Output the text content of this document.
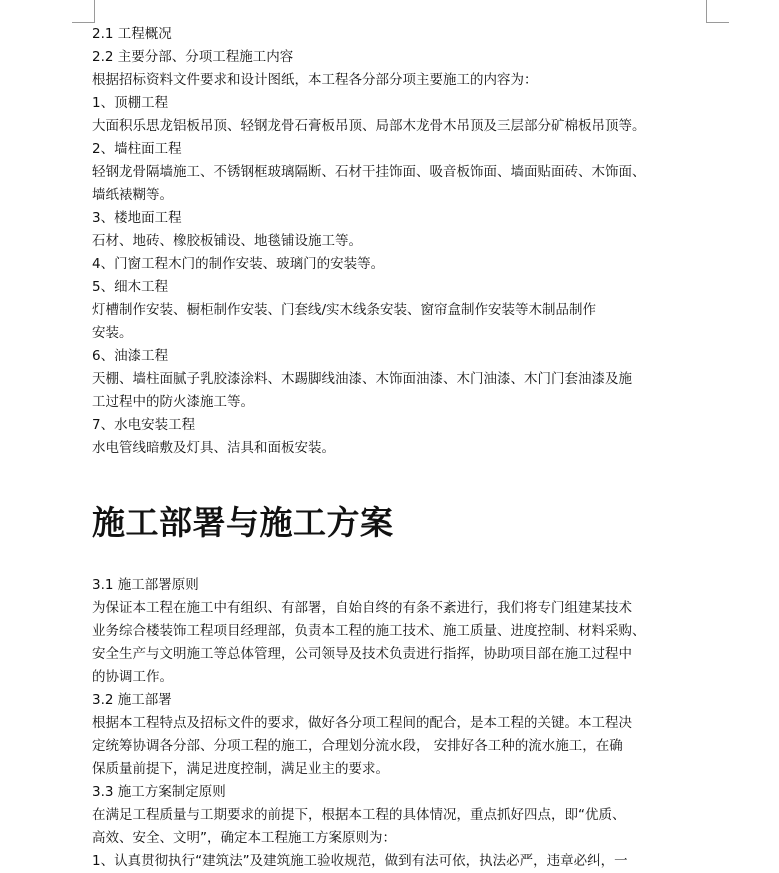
2.1 工程概况
2.2 主要分部、分项工程施工内容
根据招标资料文件要求和设计图纸，本工程各分部分项主要施工的内容为：
1、顶棚工程
大面积乐思龙铝板吊顶、轻钢龙骨石膏板吊顶、局部木龙骨木吊顶及三层部分矿棉板吊顶等。
2、墙柱面工程
轻钢龙骨隔墙施工、不锈钢框玻璃隔断、石材干挂饰面、吸音板饰面、墙面贴面砖、木饰面、
墙纸裱糊等。
3、楼地面工程
石材、地砖、橡胶板铺设、地毯铺设施工等。
4、门窗工程木门的制作安装、玻璃门的安装等。
5、细木工程
灯槽制作安装、橱柜制作安装、门套线/实木线条安装、窗帘盒制作安装等木制品制作
安装。
6、油漆工程
天棚、墙柱面腻子乳胶漆涂料、木踢脚线油漆、木饰面油漆、木门油漆、木门门套油漆及施
工过程中的防火漆施工等。
7、水电安装工程
水电管线暗敷及灯具、洁具和面板安装。
施工部署与施工方案
3.1 施工部署原则
为保证本工程在施工中有组织、有部署，自始自终的有条不紊进行，我们将专门组建某技术
业务综合楼装饰工程项目经理部，负责本工程的施工技术、施工质量、进度控制、材料采购、
安全生产与文明施工等总体管理，公司领导及技术负责进行指挥，协助项目部在施工过程中
的协调工作。
3.2 施工部署
根据本工程特点及招标文件的要求，做好各分项工程间的配合，是本工程的关键。本工程决
定统筹协调各分部、分项工程的施工，合理划分流水段， 安排好各工种的流水施工，在确
保质量前提下，满足进度控制，满足业主的要求。
3.3 施工方案制定原则
在满足工程质量与工期要求的前提下，根据本工程的具体情况，重点抓好四点，即“优质、
高效、安全、文明”，确定本工程施工方案原则为：
1、认真贯彻执行“建筑法”及建筑施工验收规范，做到有法可依，执法必严，违章必纠，一
